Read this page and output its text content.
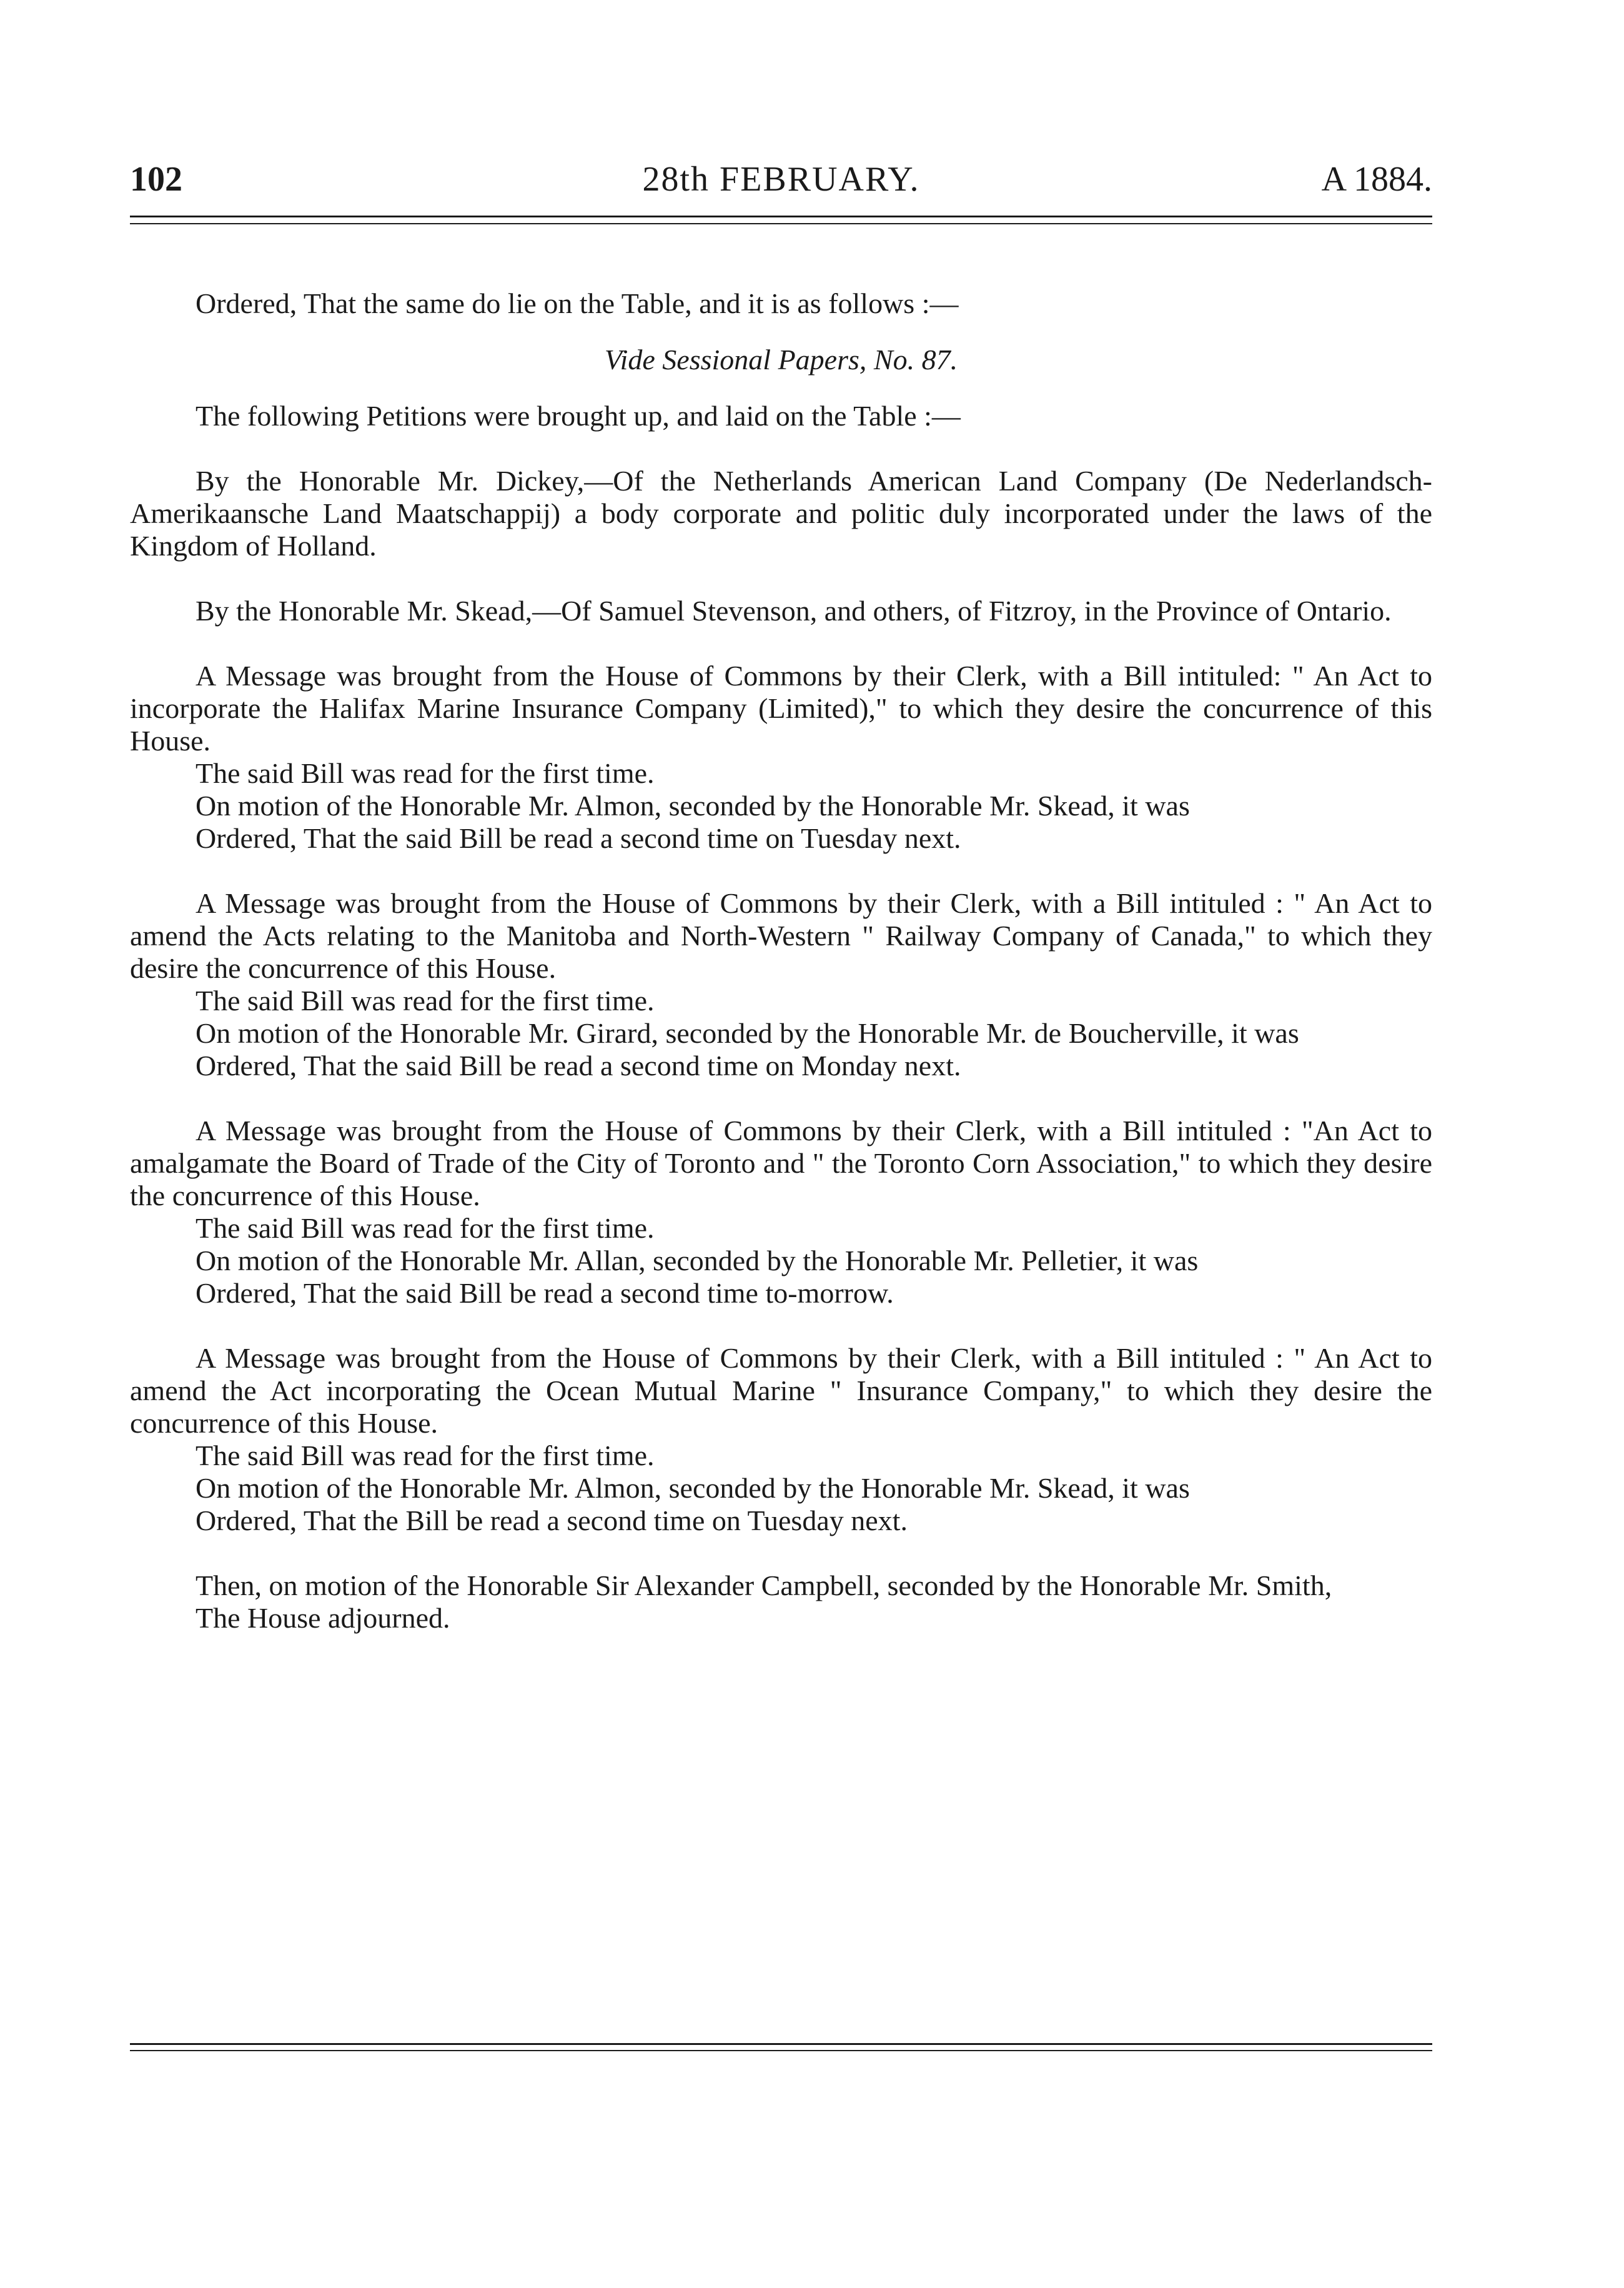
102	28th FEBRUARY.	A 1884.

Ordered, That the same do lie on the Table, and it is as follows :—

Vide Sessional Papers, No. 87.

The following Petitions were brought up, and laid on the Table :—

By the Honorable Mr. Dickey,—Of the Netherlands American Land Company (De Nederlandsch-Amerikaansche Land Maatschappij) a body corporate and politic duly incorporated under the laws of the Kingdom of Holland.

By the Honorable Mr. Skead,—Of Samuel Stevenson, and others, of Fitzroy, in the Province of Ontario.

A Message was brought from the House of Commons by their Clerk, with a Bill intituled: " An Act to incorporate the Halifax Marine Insurance Company (Limited)," to which they desire the concurrence of this House.

The said Bill was read for the first time.

On motion of the Honorable Mr. Almon, seconded by the Honorable Mr. Skead, it was

Ordered, That the said Bill be read a second time on Tuesday next.

A Message was brought from the House of Commons by their Clerk, with a Bill intituled : " An Act to amend the Acts relating to the Manitoba and North-Western " Railway Company of Canada," to which they desire the concurrence of this House.

The said Bill was read for the first time.

On motion of the Honorable Mr. Girard, seconded by the Honorable Mr. de Boucherville, it was

Ordered, That the said Bill be read a second time on Monday next.

A Message was brought from the House of Commons by their Clerk, with a Bill intituled : "An Act to amalgamate the Board of Trade of the City of Toronto and " the Toronto Corn Association," to which they desire the concurrence of this House.

The said Bill was read for the first time.

On motion of the Honorable Mr. Allan, seconded by the Honorable Mr. Pelletier, it was

Ordered, That the said Bill be read a second time to-morrow.

A Message was brought from the House of Commons by their Clerk, with a Bill intituled : " An Act to amend the Act incorporating the Ocean Mutual Marine " Insurance Company," to which they desire the concurrence of this House.

The said Bill was read for the first time.

On motion of the Honorable Mr. Almon, seconded by the Honorable Mr. Skead, it was

Ordered, That the Bill be read a second time on Tuesday next.

Then, on motion of the Honorable Sir Alexander Campbell, seconded by the Honorable Mr. Smith,

The House adjourned.
